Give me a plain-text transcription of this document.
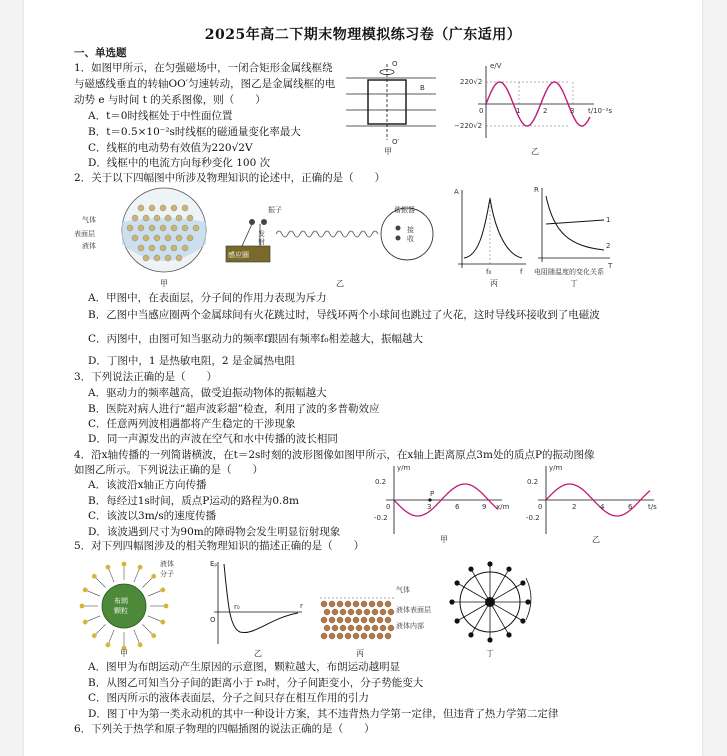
2025年高二下期末物理模拟练习卷（广东适用）
一、单选题
1．如图甲所示，在匀强磁场中，一闭合矩形金属线框绕
与磁感线垂直的转轴OO′匀速转动，图乙是金属线框的电
动势 e 与时间 t 的关系图像，则（　　）
A．t＝0时线框处于中性面位置
B．t＝0.5×10⁻²s时线框的磁通量变化率最大
C．线框的电动势有效值为220√2V
D．线框中的电流方向每秒变化 100 次
O
O′
B
甲
e/V
220√2
−220√2
0	1	2	3 t/10⁻²s
乙
2．关于以下四幅图中所涉及物理知识的论述中，正确的是（　　）
气体
表面层
液体
甲
感应圈
振子
发
射
谐振器
接
收
乙
A
f₀	f
丙
R
T
1
2
电阻随温度的变化关系
丁
A．甲图中，在表面层，分子间的作用力表现为斥力
B．乙图中当感应圈两个金属球间有火花跳过时，导线环两个小球间也跳过了火花，这时导线环接收到了电磁波
C．丙图中，由图可知当驱动力的频率f跟固有频率f₀相差越大，振幅越大
D．丁图中，1 是热敏电阻，2 是金属热电阻
3．下列说法正确的是（　　）
A．驱动力的频率越高，做受迫振动物体的振幅越大
B．医院对病人进行“超声波彩超”检查，利用了波的多普勒效应
C．任意两列波相遇都将产生稳定的干涉现象
D．同一声源发出的声波在空气和水中传播的波长相同
4．沿x轴传播的一列简谐横波，在t＝2s时刻的波形图像如图甲所示，在x轴上距离原点3m处的质点P的振动图像
如图乙所示。下列说法正确的是（　　）
A．该波沿x轴正方向传播
B．每经过1s时间，质点P运动的路程为0.8m
C．该波以3m/s的速度传播
D．该波遇到尺寸为90m的障碍物会发生明显衍射现象
y/m
0.2
-0.2
0	3	6	9 x/m
P
甲
y/m
0.2
-0.2
0	2	4	6 t/s
乙
5．对下列四幅图涉及的相关物理知识的描述正确的是（　　）
布朗
颗粒
液体
分子
甲
Eₚ
r
r₀
O
乙
气体
液体表面层
液体内部
丙	丁
A．图甲为布朗运动产生原因的示意图，颗粒越大，布朗运动越明显
B．从图乙可知当分子间的距离小于 r₀时，分子间距变小，分子势能变大
C．图丙所示的液体表面层，分子之间只存在相互作用的引力
D．图丁中为第一类永动机的其中一种设计方案，其不违背热力学第一定律，但违背了热力学第二定律
6．下列关于热学和原子物理的四幅插图的说法正确的是（　　）
